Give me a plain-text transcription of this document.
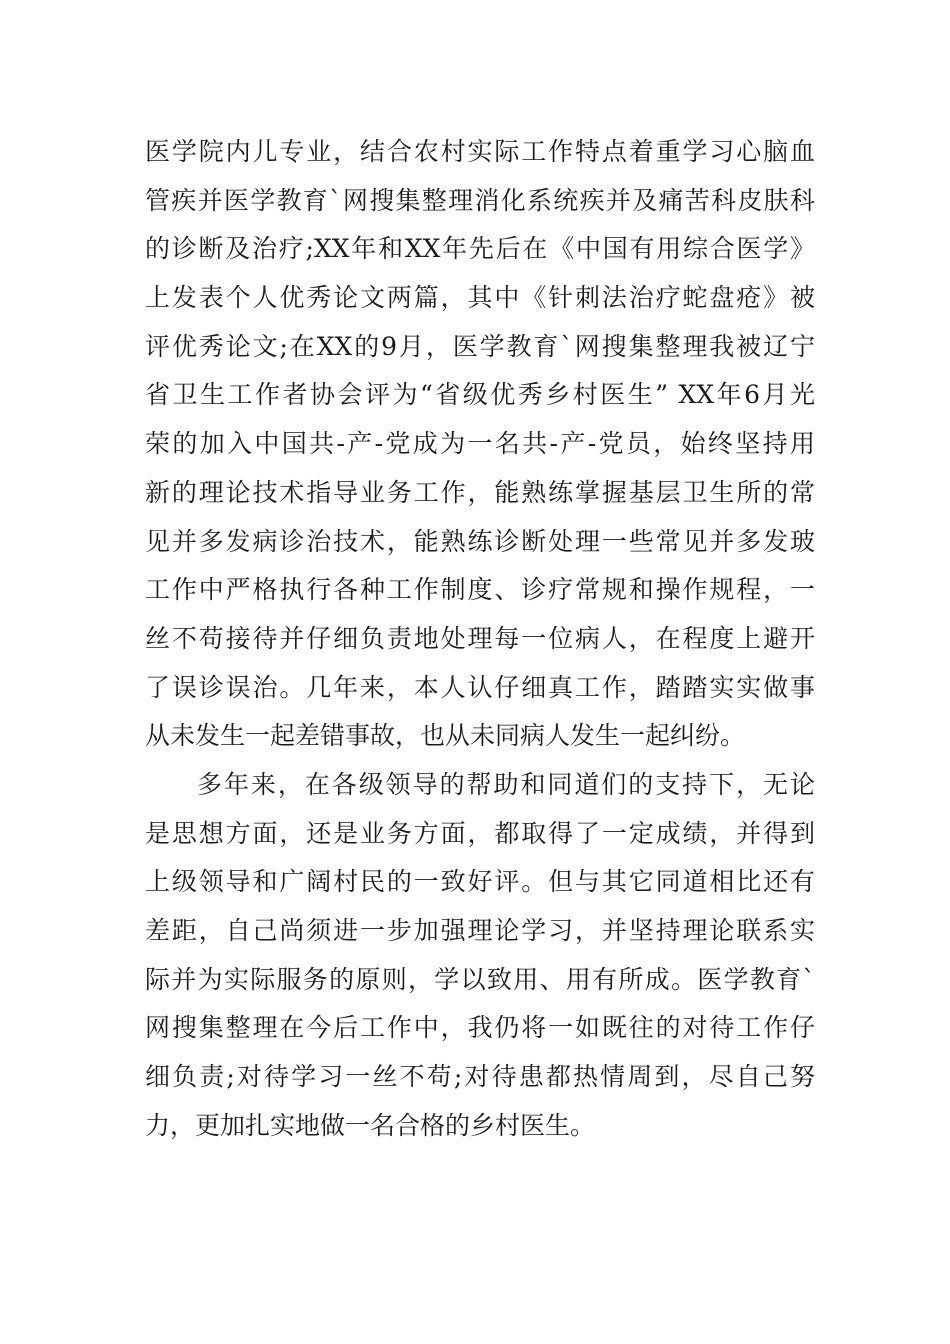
医学院内儿专业，结合农村实际工作特点着重学习心脑血
管疾并医学教育`网搜集整理消化系统疾并及痛苦科皮肤科
的诊断及治疗;XX年和XX年先后在《中国有用综合医学》
上发表个人优秀论文两篇，其中《针刺法治疗蛇盘疮》被
评优秀论文;在XX的9月，医学教育`网搜集整理我被辽宁
省卫生工作者协会评为“省级优秀乡村医生” XX年6月光
荣的加入中国共-产-党成为一名共-产-党员，始终坚持用
新的理论技术指导业务工作，能熟练掌握基层卫生所的常
见并多发病诊治技术，能熟练诊断处理一些常见并多发玻
工作中严格执行各种工作制度、诊疗常规和操作规程，一
丝不苟接待并仔细负责地处理每一位病人，在程度上避开
了误诊误治。几年来，本人认仔细真工作，踏踏实实做事
从未发生一起差错事故，也从未同病人发生一起纠纷。
多年来，在各级领导的帮助和同道们的支持下，无论
是思想方面，还是业务方面，都取得了一定成绩，并得到
上级领导和广阔村民的一致好评。但与其它同道相比还有
差距，自己尚须进一步加强理论学习，并坚持理论联系实
际并为实际服务的原则，学以致用、用有所成。医学教育`
网搜集整理在今后工作中，我仍将一如既往的对待工作仔
细负责;对待学习一丝不苟;对待患都热情周到，尽自己努
力，更加扎实地做一名合格的乡村医生。
